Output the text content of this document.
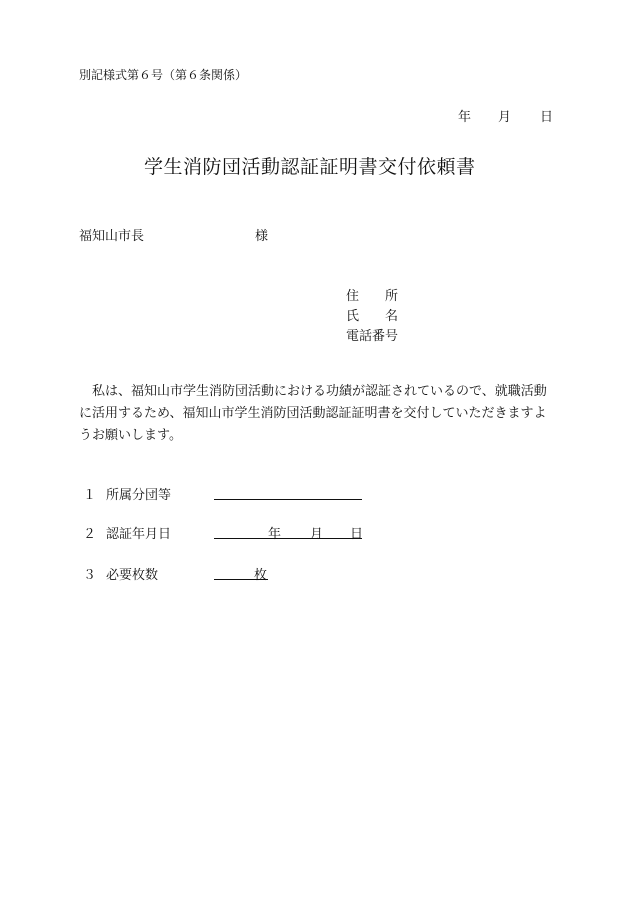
別記様式第６号（第６条関係）
年 月 日
学生消防団活動認証証明書交付依頼書
福知山市長	様
住　　所
氏　　名
電話番号
私は、福知山市学生消防団活動における功績が認証されているので、就職活動に活用するため、福知山市学生消防団活動認証証明書を交付していただきますようお願いします。
１ 所属分団等
２ 認証年月日	年 月 日
３ 必要枚数	枚
